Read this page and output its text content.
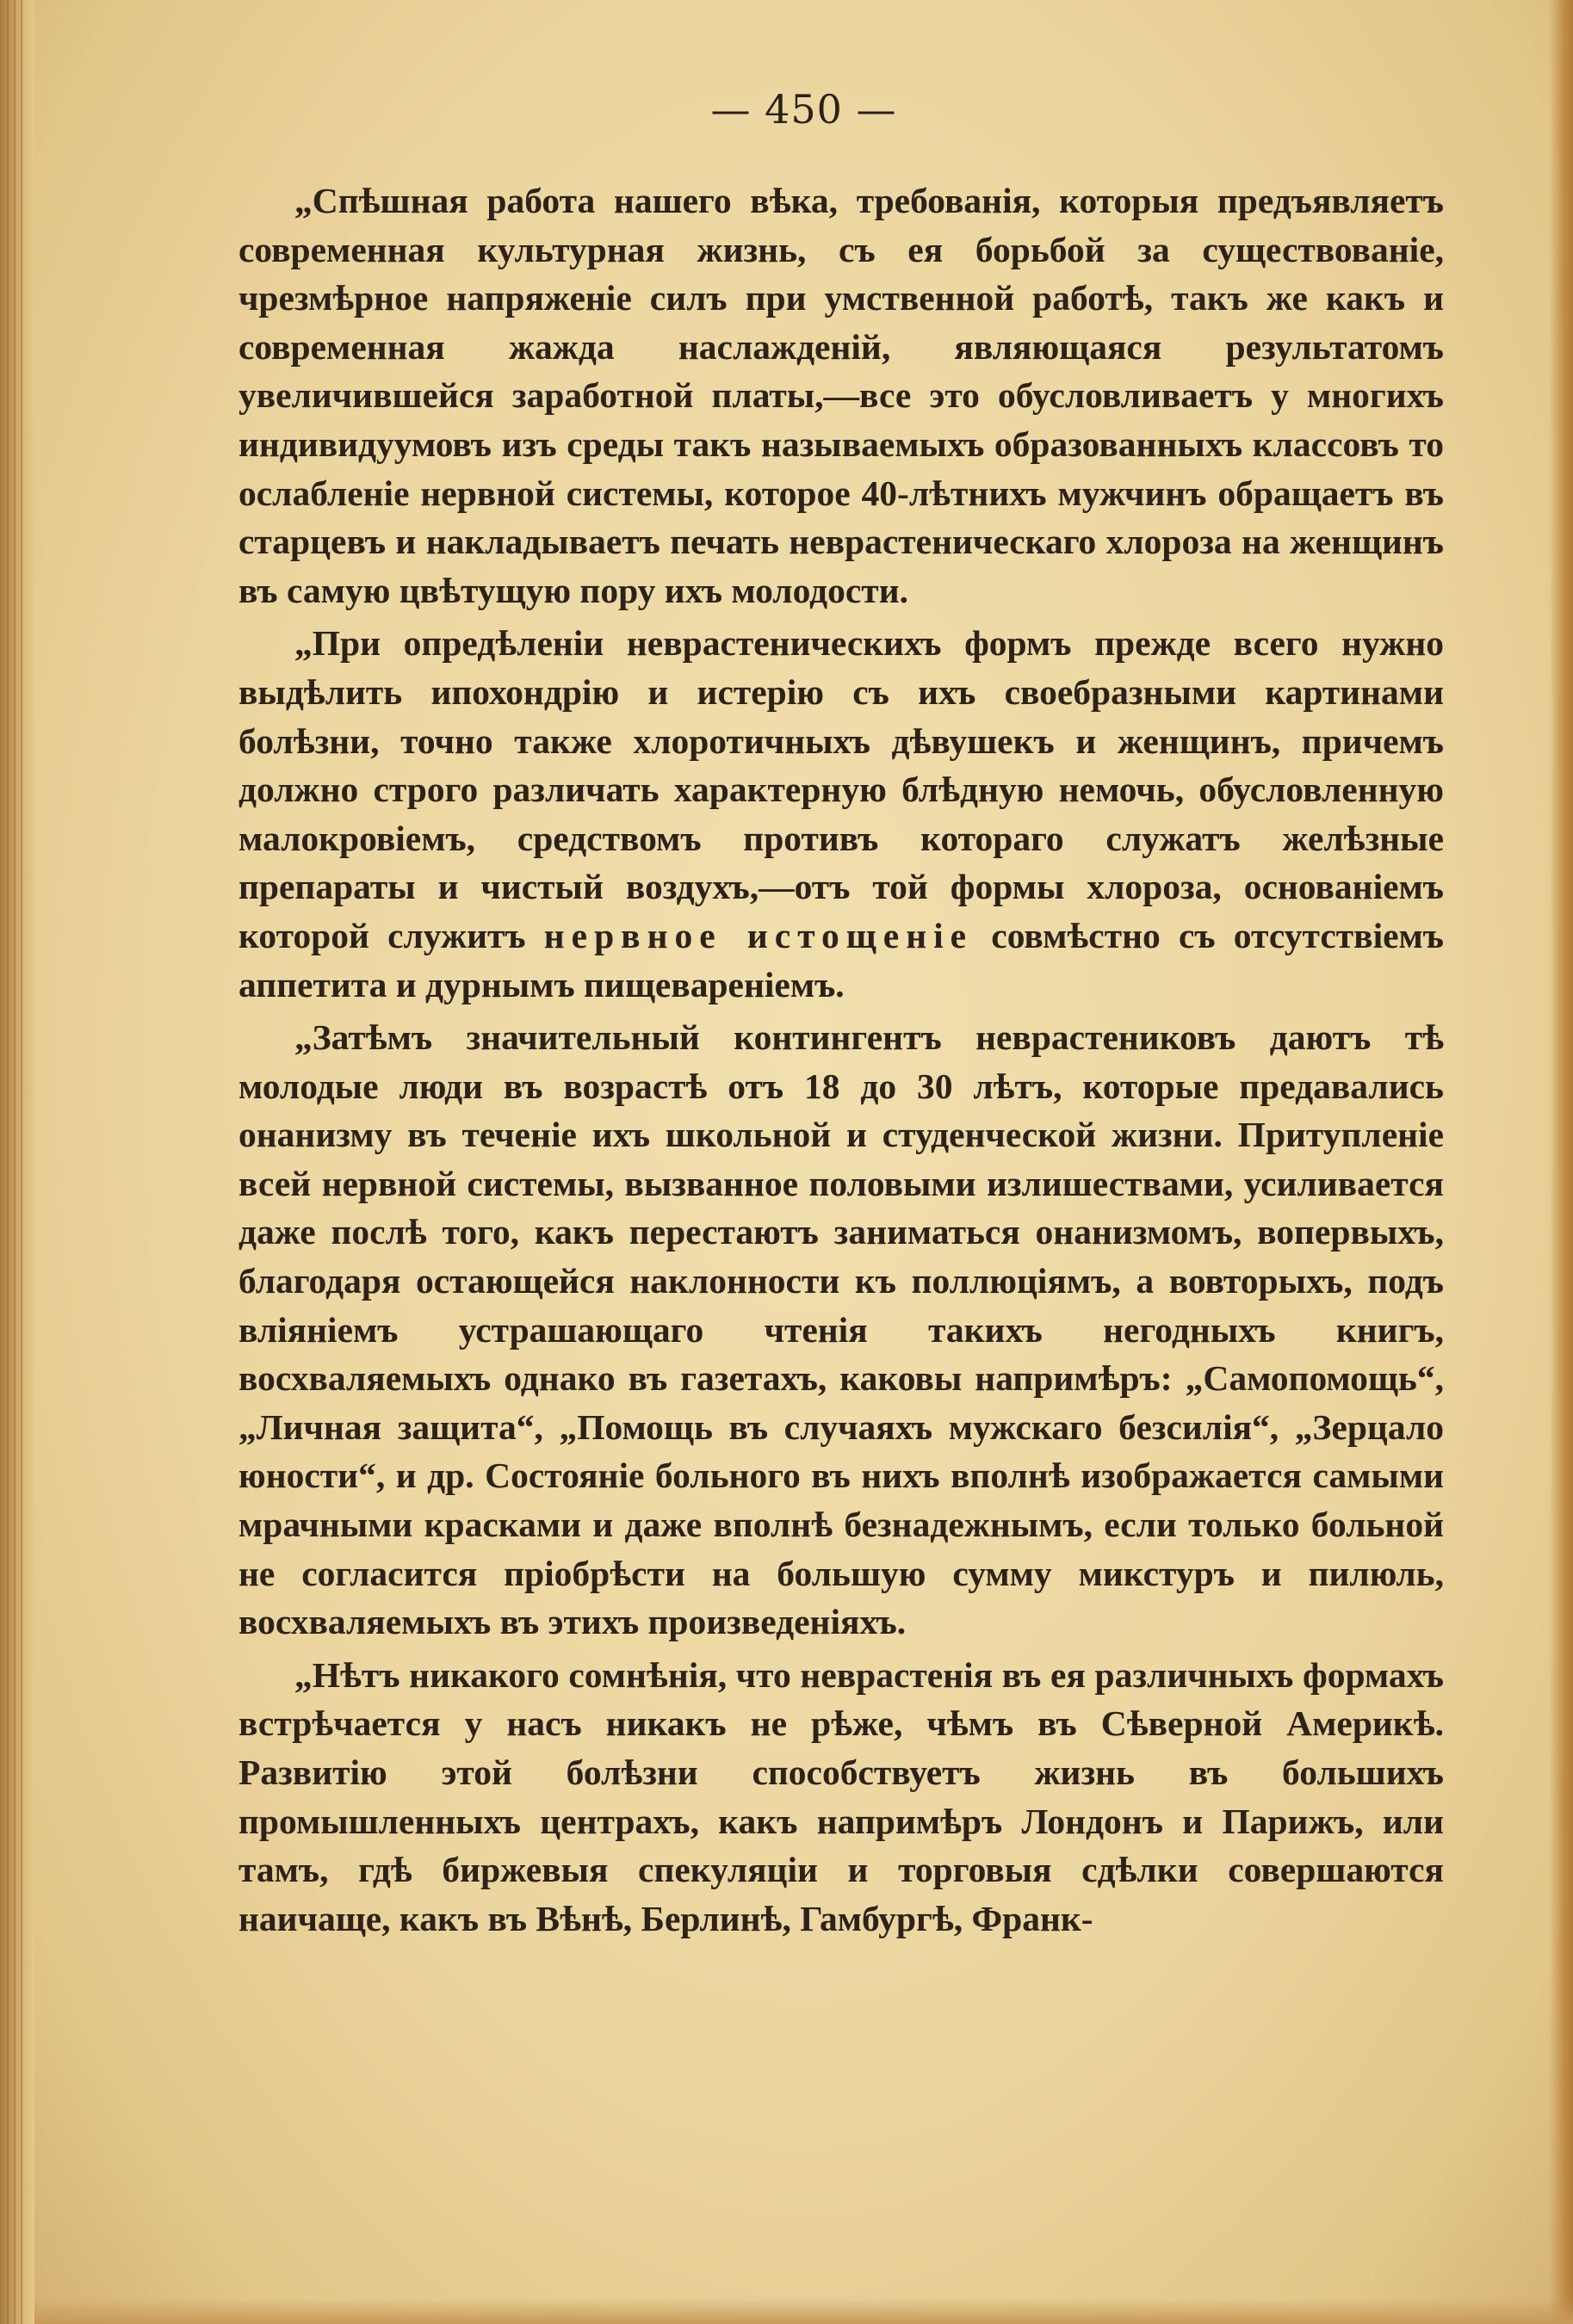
— 450 —

„Спѣшная работа нашего вѣка, требованія, которыя предъявляетъ современная культурная жизнь, съ ея борьбой за существованіе, чрезмѣрное напряженіе силъ при умственной работѣ, такъ же какъ и современная жажда наслажденій, являющаяся результатомъ увеличившейся заработной платы,—все это обусловливаетъ у многихъ индивидуумовъ изъ среды такъ называемыхъ образованныхъ классовъ то ослабленіе нервной системы, которое 40-лѣтнихъ мужчинъ обращаетъ въ старцевъ и накладываетъ печать неврастеническаго хлороза на женщинъ въ самую цвѣтущую пору ихъ молодости.

„При опредѣленіи неврастеническихъ формъ прежде всего нужно выдѣлить ипохондрію и истерію съ ихъ своебразными картинами болѣзни, точно также хлоротичныхъ дѣвушекъ и женщинъ, причемъ должно строго различать характерную блѣдную немочь, обусловленную малокровіемъ, средствомъ противъ котораго служатъ желѣзные препараты и чистый воздухъ,—отъ той формы хлороза, основаніемъ которой служитъ нервное истощеніе совмѣстно съ отсутствіемъ аппетита и дурнымъ пищевареніемъ.

„Затѣмъ значительный контингентъ неврастениковъ даютъ тѣ молодые люди въ возрастѣ отъ 18 до 30 лѣтъ, которые предавались онанизму въ теченіе ихъ школьной и студенческой жизни. Притупленіе всей нервной системы, вызванное половыми излишествами, усиливается даже послѣ того, какъ перестаютъ заниматься онанизмомъ, вопервыхъ, благодаря остающейся наклонности къ поллюціямъ, а вовторыхъ, подъ вліяніемъ устрашающаго чтенія такихъ негодныхъ книгъ, восхваляемыхъ однако въ газетахъ, каковы напримѣръ: „Самопомощь“, „Личная защита“, „Помощь въ случаяхъ мужскаго безсилія“, „Зерцало юности“, и др. Состояніе больного въ нихъ вполнѣ изображается самыми мрачными красками и даже вполнѣ безнадежнымъ, если только больной не согласится пріобрѣсти на большую сумму микстуръ и пилюль, восхваляемыхъ въ этихъ произведеніяхъ.

„Нѣтъ никакого сомнѣнія, что неврастенія въ ея различныхъ формахъ встрѣчается у насъ никакъ не рѣже, чѣмъ въ Сѣверной Америкѣ. Развитію этой болѣзни способствуетъ жизнь въ большихъ промышленныхъ центрахъ, какъ напримѣръ Лондонъ и Парижъ, или тамъ, гдѣ биржевыя спекуляціи и торговыя сдѣлки совершаются наичаще, какъ въ Вѣнѣ, Берлинѣ, Гамбургѣ, Франк-
